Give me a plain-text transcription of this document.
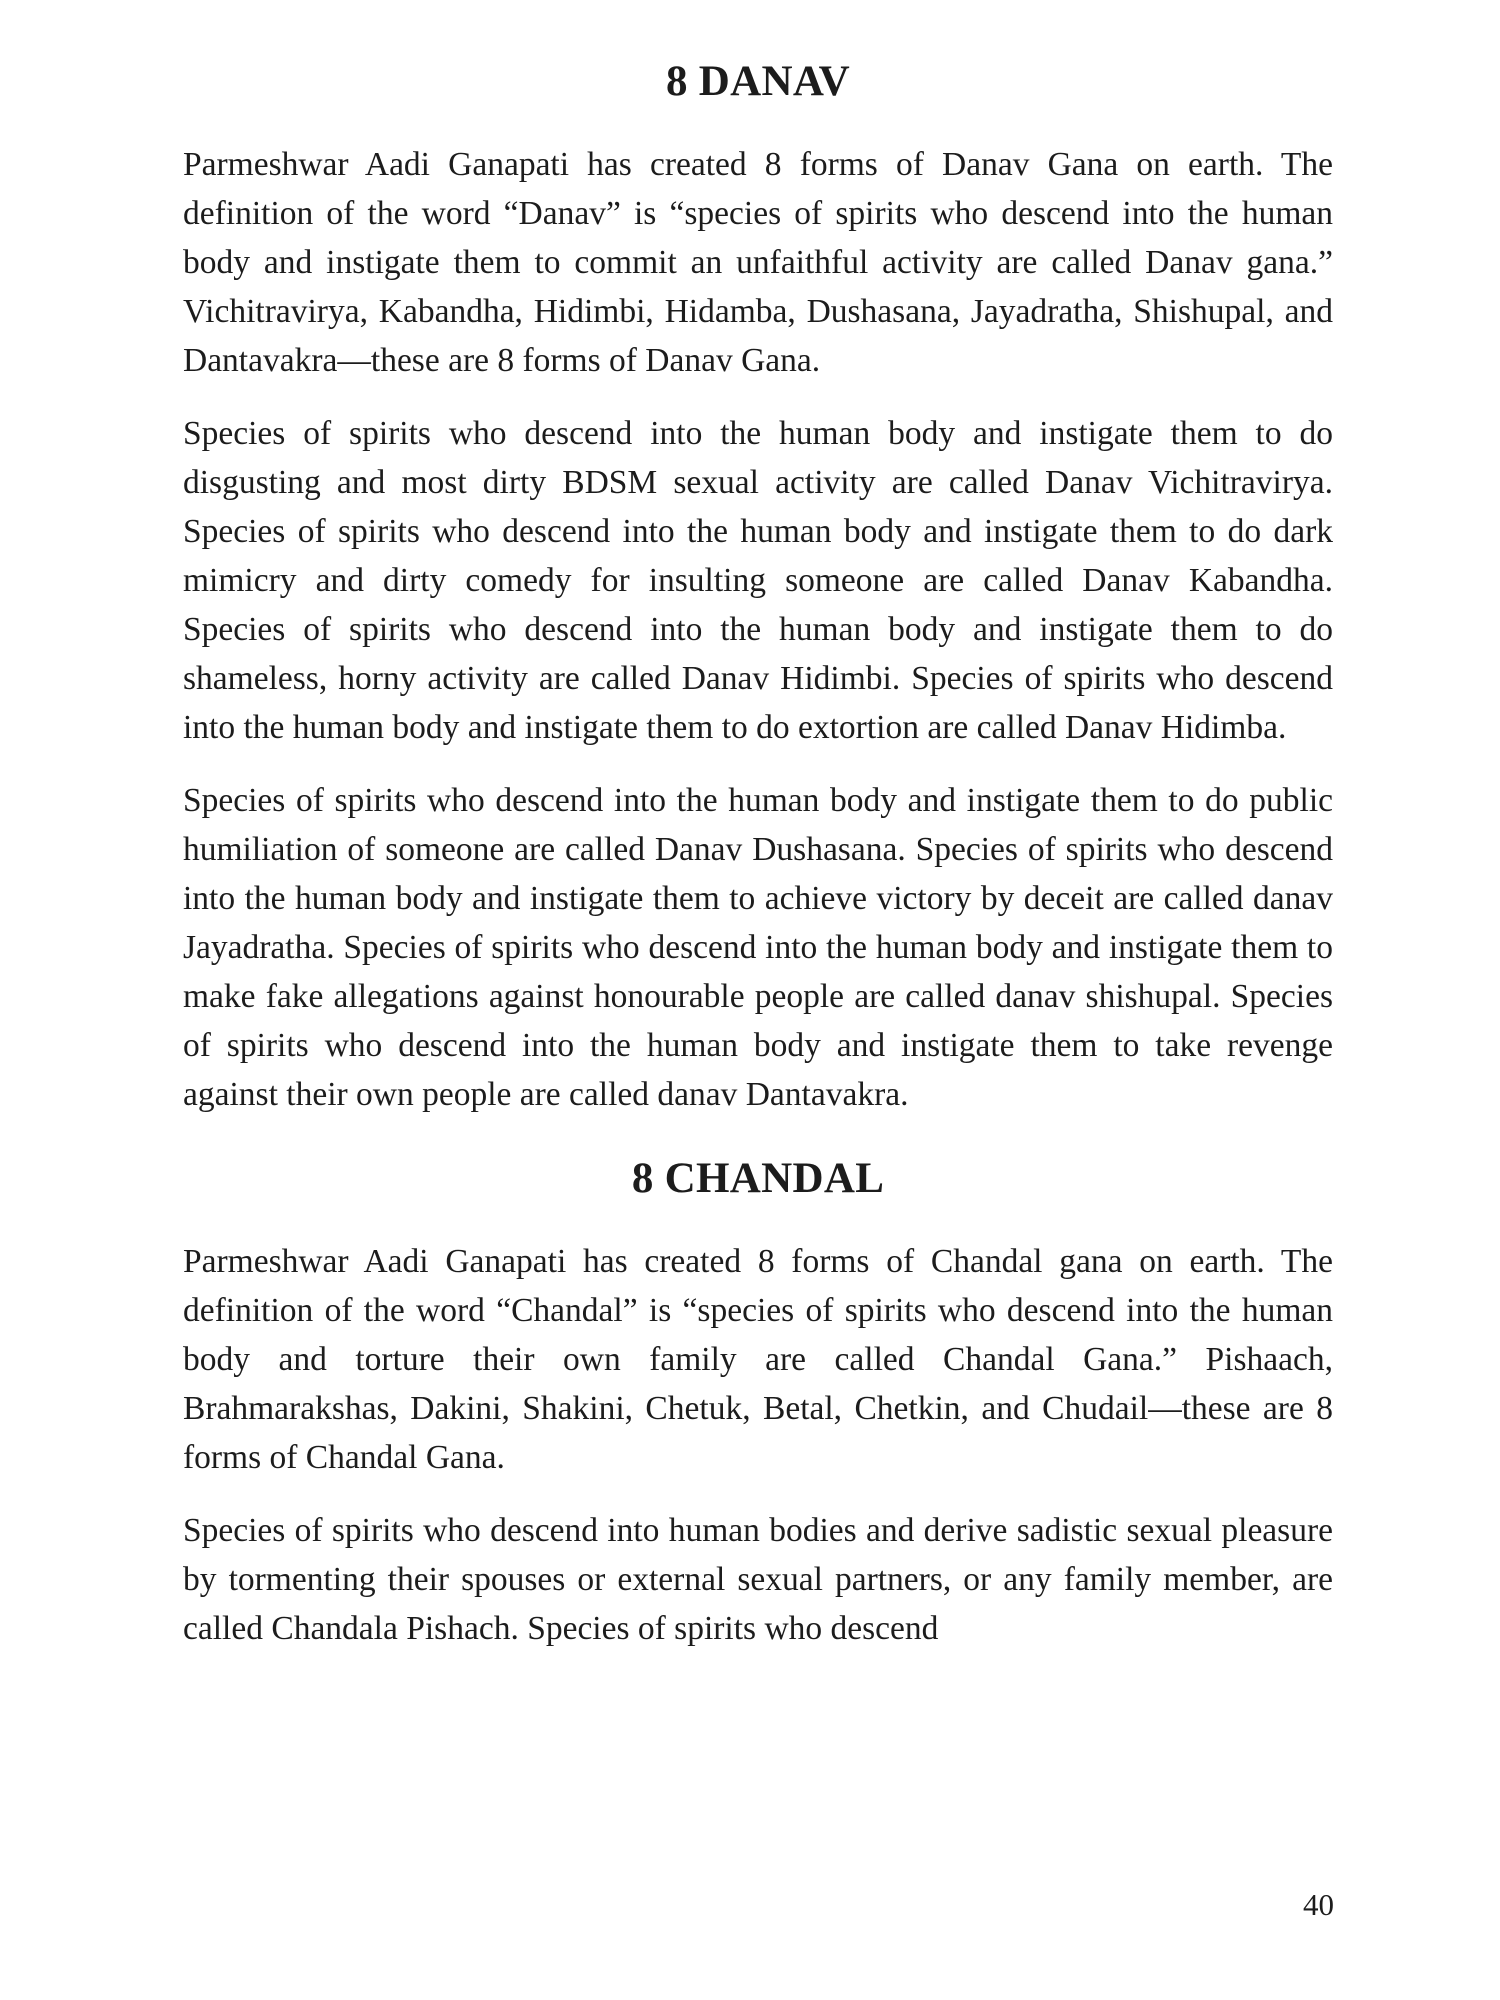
8 DANAV

Parmeshwar Aadi Ganapati has created 8 forms of Danav Gana on earth. The definition of the word “Danav” is “species of spirits who descend into the human body and instigate them to commit an unfaithful activity are called Danav gana.” Vichitravirya, Kabandha, Hidimbi, Hidamba, Dushasana, Jayadratha, Shishupal, and Dantavakra—these are 8 forms of Danav Gana.

Species of spirits who descend into the human body and instigate them to do disgusting and most dirty BDSM sexual activity are called Danav Vichitravirya. Species of spirits who descend into the human body and instigate them to do dark mimicry and dirty comedy for insulting someone are called Danav Kabandha. Species of spirits who descend into the human body and instigate them to do shameless, horny activity are called Danav Hidimbi. Species of spirits who descend into the human body and instigate them to do extortion are called Danav Hidimba.

Species of spirits who descend into the human body and instigate them to do public humiliation of someone are called Danav Dushasana. Species of spirits who descend into the human body and instigate them to achieve victory by deceit are called danav Jayadratha. Species of spirits who descend into the human body and instigate them to make fake allegations against honourable people are called danav shishupal. Species of spirits who descend into the human body and instigate them to take revenge against their own people are called danav Dantavakra.

8 CHANDAL

Parmeshwar Aadi Ganapati has created 8 forms of Chandal gana on earth. The definition of the word “Chandal” is “species of spirits who descend into the human body and torture their own family are called Chandal Gana.” Pishaach, Brahmarakshas, Dakini, Shakini, Chetuk, Betal, Chetkin, and Chudail—these are 8 forms of Chandal Gana.

Species of spirits who descend into human bodies and derive sadistic sexual pleasure by tormenting their spouses or external sexual partners, or any family member, are called Chandala Pishach. Species of spirits who descend

40
